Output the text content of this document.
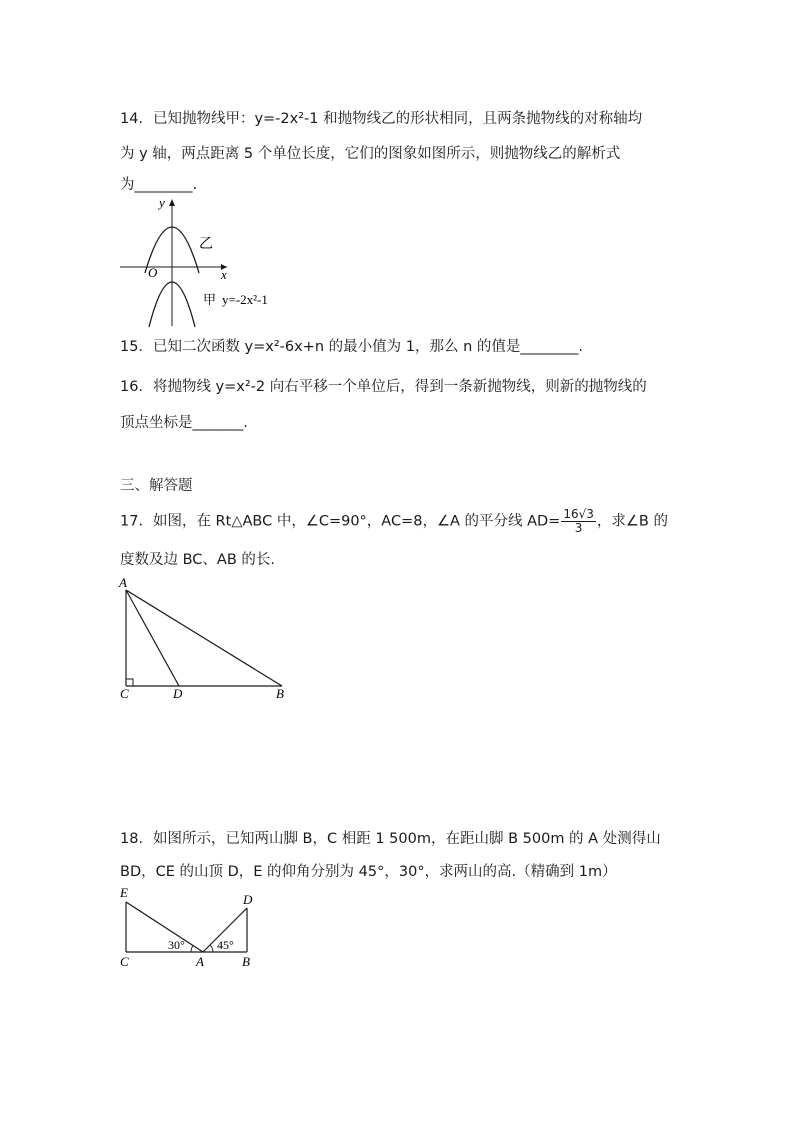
14．已知抛物线甲：y=-2x²-1 和抛物线乙的形状相同，且两条抛物线的对称轴均
为 y 轴，两点距离 5 个单位长度，它们的图象如图所示，则抛物线乙的解析式
为________.
y
x
O
乙
甲 y=-2x²-1
15．已知二次函数 y=x²-6x+n 的最小值为 1，那么 n 的值是________.
16．将抛物线 y=x²-2 向右平移一个单位后，得到一条新抛物线，则新的抛物线的
顶点坐标是_______.
三、解答题
17．如图，在 Rt△ABC 中，∠C=90°，AC=8，∠A 的平分线 $AD= \frac{16√3}{3}$ ，求∠B 的
度数及边 BC、AB 的长.
A
C	D	B
18．如图所示，已知两山脚 B，C 相距 1 500m，在距山脚 B 500m 的 A 处测得山
BD，CE 的山顶 D，E 的仰角分别为 45°，30°，求两山的高.（精确到 1m）
30°	45°
E	D
C	A	B
